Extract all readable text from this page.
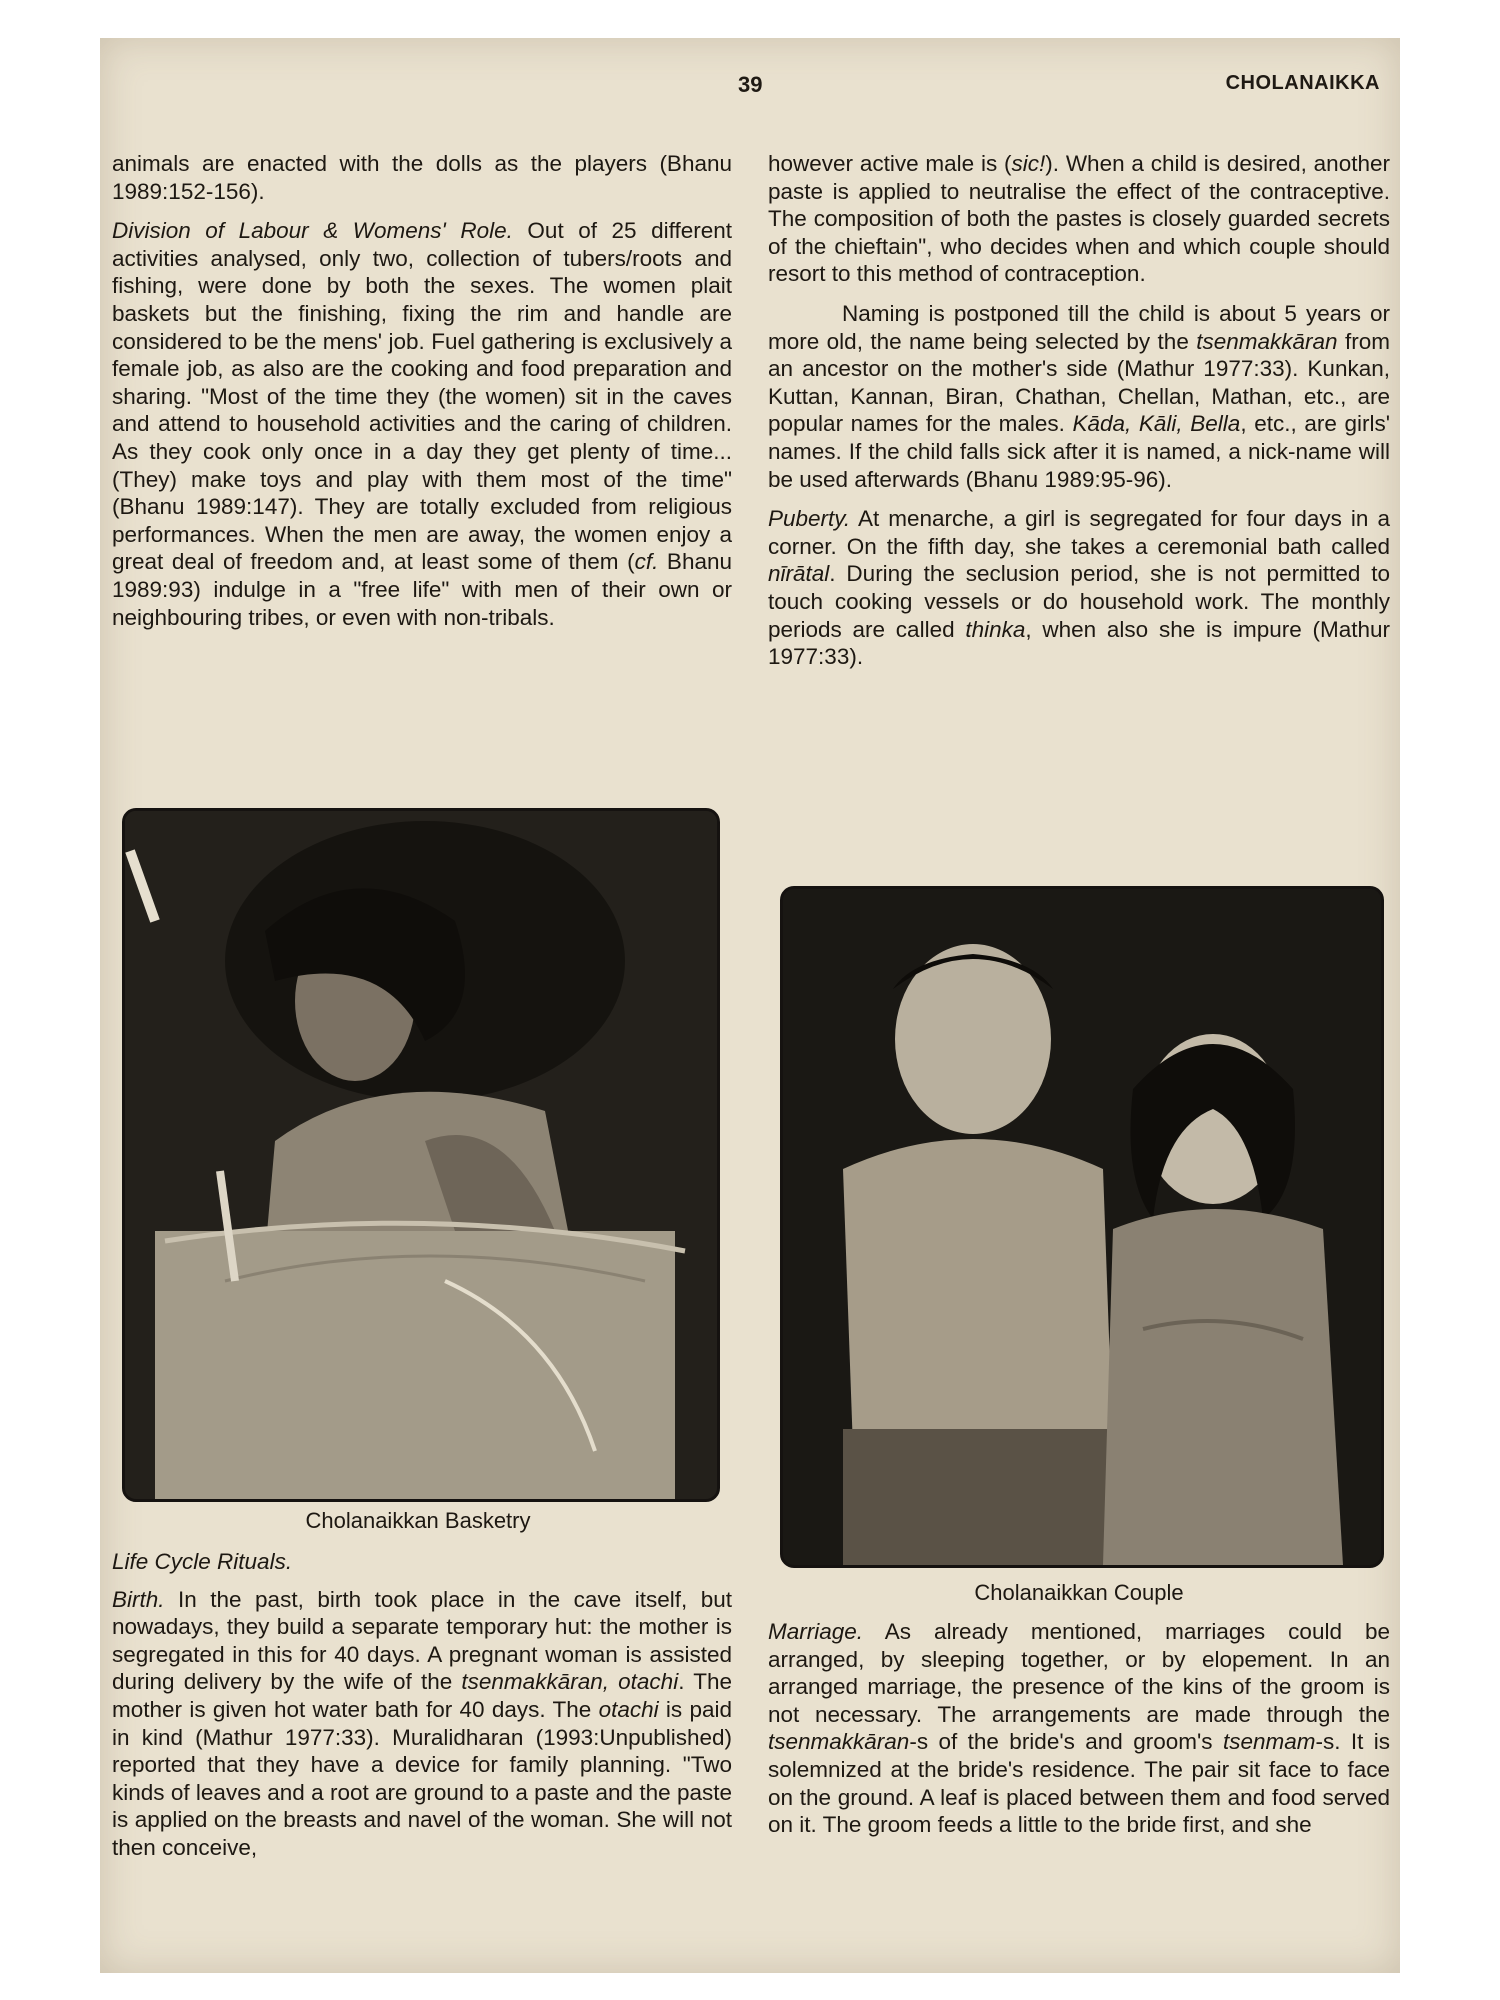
39	CHOLANAIKKA

animals are enacted with the dolls as the players (Bhanu 1989:152-156).

Division of Labour & Womens' Role. Out of 25 different activities analysed, only two, collection of tubers/roots and fishing, were done by both the sexes. The women plait baskets but the finishing, fixing the rim and handle are considered to be the mens' job. Fuel gathering is exclusively a female job, as also are the cooking and food preparation and sharing. "Most of the time they (the women) sit in the caves and attend to household activities and the caring of children. As they cook only once in a day they get plenty of time...(They) make toys and play with them most of the time" (Bhanu 1989:147). They are totally excluded from religious performances. When the men are away, the women enjoy a great deal of freedom and, at least some of them (cf. Bhanu 1989:93) indulge in a "free life" with men of their own or neighbouring tribes, or even with non-tribals.

Cholanaikkan Basketry

Life Cycle Rituals.

Birth. In the past, birth took place in the cave itself, but nowadays, they build a separate temporary hut: the mother is segregated in this for 40 days. A pregnant woman is assisted during delivery by the wife of the tsenmakkāran, otachi. The mother is given hot water bath for 40 days. The otachi is paid in kind (Mathur 1977:33). Muralidharan (1993:Unpublished) reported that they have a device for family planning. "Two kinds of leaves and a root are ground to a paste and the paste is applied on the breasts and navel of the woman. She will not then conceive,

however active male is (sic!). When a child is desired, another paste is applied to neutralise the effect of the contraceptive. The composition of both the pastes is closely guarded secrets of the chieftain", who decides when and which couple should resort to this method of contraception.

Naming is postponed till the child is about 5 years or more old, the name being selected by the tsenmakkāran from an ancestor on the mother's side (Mathur 1977:33). Kunkan, Kuttan, Kannan, Biran, Chathan, Chellan, Mathan, etc., are popular names for the males. Kāda, Kāli, Bella, etc., are girls' names. If the child falls sick after it is named, a nick-name will be used afterwards (Bhanu 1989:95-96).

Puberty. At menarche, a girl is segregated for four days in a corner. On the fifth day, she takes a ceremonial bath called nīrātal. During the seclusion period, she is not permitted to touch cooking vessels or do household work. The monthly periods are called thinka, when also she is impure (Mathur 1977:33).

Cholanaikkan Couple

Marriage. As already mentioned, marriages could be arranged, by sleeping together, or by elopement. In an arranged marriage, the presence of the kins of the groom is not necessary. The arrangements are made through the tsenmakkāran-s of the bride's and groom's tsenmam-s. It is solemnized at the bride's residence. The pair sit face to face on the ground. A leaf is placed between them and food served on it. The groom feeds a little to the bride first, and she
